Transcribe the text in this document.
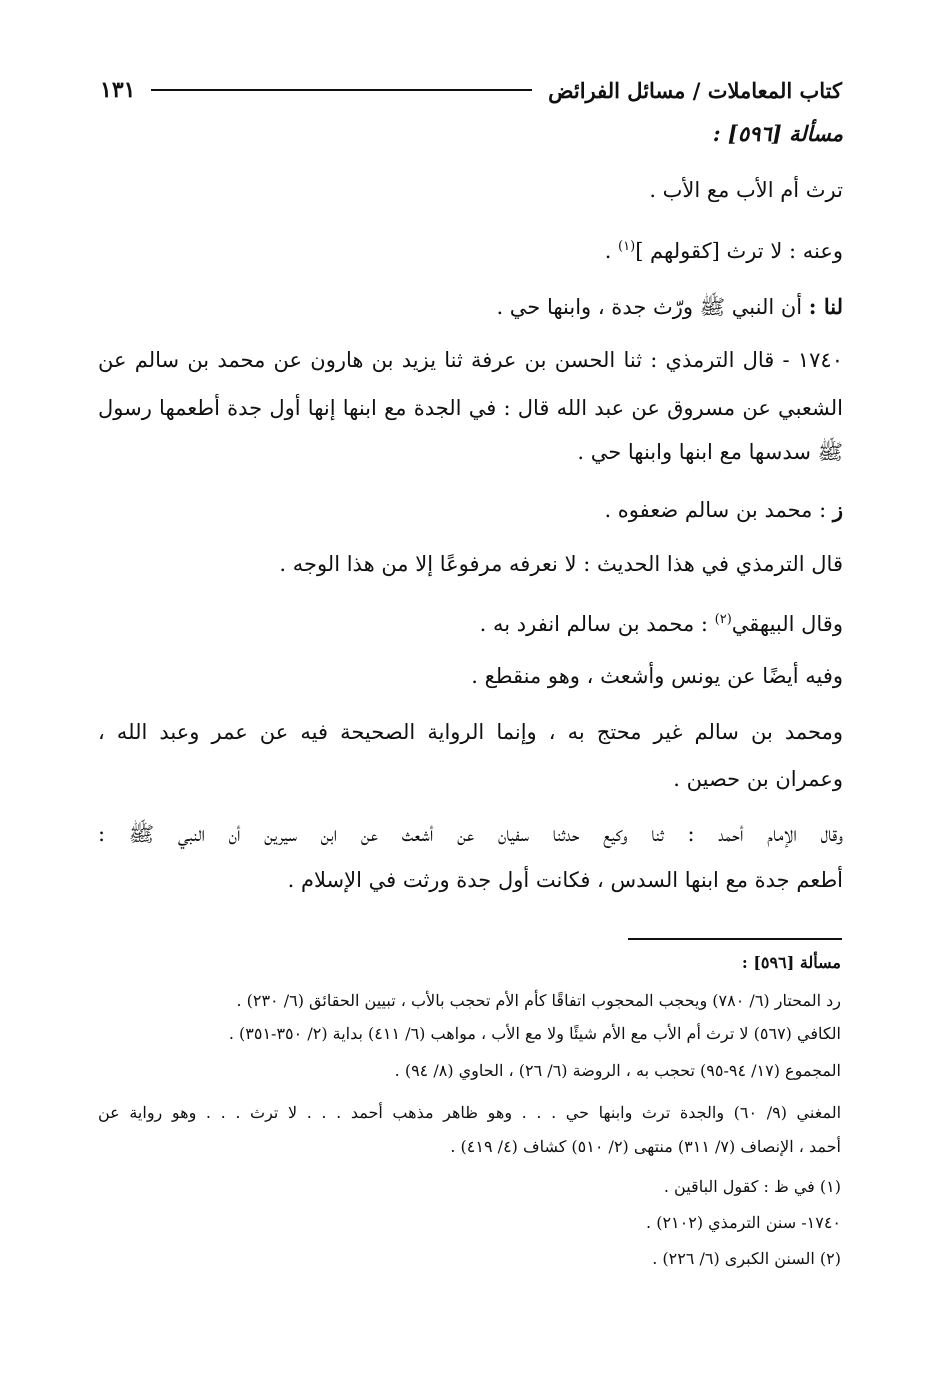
كتاب المعاملات / مسائل الفرائض
١٣١
مسألة [٥٩٦] :
ترث أم الأب مع الأب .
وعنه : لا ترث [كقولهم ]$^{(١)}$ .
لنا : أن النبي ﷺ ورّث جدة ، وابنها حي .
١٧٤٠ - قال الترمذي : ثنا الحسن بن عرفة ثنا يزيد بن هارون عن محمد بن سالم عن
الشعبي عن مسروق عن عبد الله قال : في الجدة مع ابنها إنها أول جدة أطعمها رسول
ﷺ سدسها مع ابنها وابنها حي .
ز : محمد بن سالم ضعفوه .
قال الترمذي في هذا الحديث : لا نعرفه مرفوعًا إلا من هذا الوجه .
وقال البيهقي$^{(٢)}$ : محمد بن سالم انفرد به .
وفيه أيضًا عن يونس وأشعث ، وهو منقطع .
ومحمد بن سالم غير محتج به ، وإنما الرواية الصحيحة فيه عن عمر وعبد الله ،
وعمران بن حصين .
وقال الإمام أحمد : ثنا وكيع حدثنا سفيان عن أشعث عن ابن سيرين أن النبي ﷺ :
أطعم جدة مع ابنها السدس ، فكانت أول جدة ورثت في الإسلام .
مسألة [٥٩٦] :
رد المحتار (٦/ ٧٨٠) ويحجب المحجوب اتفاقًا كأم الأم تحجب بالأب ، تبيين الحقائق (٦/ ٢٣٠) .
الكافي (٥٦٧) لا ترث أم الأب مع الأم شيئًا ولا مع الأب ، مواهب (٦/ ٤١١) بداية (٢/ ٣٥٠-٣٥١) .
المجموع (١٧/ ٩٤-٩٥) تحجب به ، الروضة (٦/ ٢٦) ، الحاوي (٨/ ٩٤) .
المغني (٩/ ٦٠) والجدة ترث وابنها حي . . . وهو ظاهر مذهب أحمد . . . لا ترث . . . وهو رواية عن
أحمد ، الإنصاف (٧/ ٣١١) منتهى (٢/ ٥١٠) كشاف (٤/ ٤١٩) .
(١) في ظ : كقول الباقين .
١٧٤٠- سنن الترمذي (٢١٠٢) .
(٢) السنن الكبرى (٦/ ٢٢٦) .
